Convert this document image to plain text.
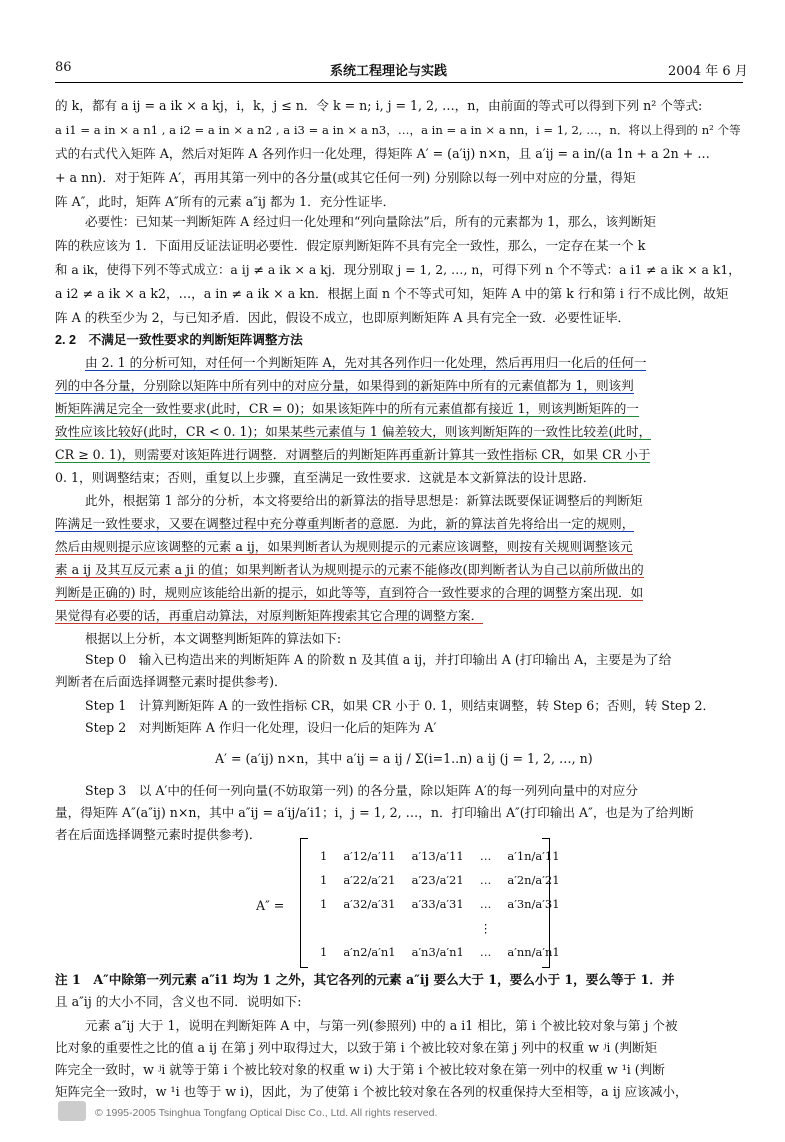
86	系统工程理论与实践	2004 年 6 月
的 k，都有 a ij = a ik × a kj，i，k，j ≤ n．令 k = n; i, j = 1, 2, …，n，由前面的等式可以得到下列 n² 个等式:
a i1 = a in × a n1 , a i2 = a in × a n2 , a i3 = a in × a n3，…，a in = a in × a nn，i = 1, 2, …，n．将以上得到的 n² 个等
式的右式代入矩阵 A，然后对矩阵 A 各列作归一化处理，得矩阵 A′ = (a′ij) n×n，且 a′ij = a in/(a 1n + a 2n + …
+ a nn)．对于矩阵 A′，再用其第一列中的各分量(或其它任何一列) 分别除以每一列中对应的分量，得矩
阵 A″，此时，矩阵 A″所有的元素 a″ij 都为 1．充分性证毕．
必要性：已知某一判断矩阵 A 经过归一化处理和“列向量除法”后，所有的元素都为 1，那么，该判断矩
阵的秩应该为 1．下面用反证法证明必要性．假定原判断矩阵不具有完全一致性，那么，一定存在某一个 k
和 a ik，使得下列不等式成立：a ij ≠ a ik × a kj．现分别取 j = 1, 2, …, n，可得下列 n 个不等式：a i1 ≠ a ik × a k1，
a i2 ≠ a ik × a k2，…，a in ≠ a ik × a kn．根据上面 n 个不等式可知，矩阵 A 中的第 k 行和第 i 行不成比例，故矩
阵 A 的秩至少为 2，与已知矛盾．因此，假设不成立，也即原判断矩阵 A 具有完全一致．必要性证毕．
2. 2　不满足一致性要求的判断矩阵调整方法
由 2. 1 的分析可知，对任何一个判断矩阵 A，先对其各列作归一化处理，然后再用归一化后的任何一
列的中各分量，分别除以矩阵中所有列中的对应分量，如果得到的新矩阵中所有的元素值都为 1，则该判
断矩阵满足完全一致性要求(此时，CR = 0)；如果该矩阵中的所有元素值都有接近 1，则该判断矩阵的一
致性应该比较好(此时，CR < 0. 1)；如果某些元素值与 1 偏差较大，则该判断矩阵的一致性比较差(此时，
CR ≥ 0. 1)，则需要对该矩阵进行调整．对调整后的判断矩阵再重新计算其一致性指标 CR，如果 CR 小于
0. 1，则调整结束；否则，重复以上步骤，直至满足一致性要求．这就是本文新算法的设计思路．
此外，根据第 1 部分的分析，本文将要给出的新算法的指导思想是：新算法既要保证调整后的判断矩
阵满足一致性要求，又要在调整过程中充分尊重判断者的意愿．为此，新的算法首先将给出一定的规则，
然后由规则提示应该调整的元素 a ij，如果判断者认为规则提示的元素应该调整，则按有关规则调整该元
素 a ij 及其互反元素 a ji 的值；如果判断者认为规则提示的元素不能修改(即判断者认为自己以前所做出的
判断是正确的) 时，规则应该能给出新的提示，如此等等，直到符合一致性要求的合理的调整方案出现．如
果觉得有必要的话，再重启动算法，对原判断矩阵搜索其它合理的调整方案．
根据以上分析，本文调整判断矩阵的算法如下:
Step 0　输入已构造出来的判断矩阵 A 的阶数 n 及其值 a ij，并打印输出 A (打印输出 A，主要是为了给
判断者在后面选择调整元素时提供参考)．
Step 1　计算判断矩阵 A 的一致性指标 CR，如果 CR 小于 0. 1，则结束调整，转 Step 6；否则，转 Step 2．
Step 2　对判断矩阵 A 作归一化处理，设归一化后的矩阵为 A′
A′ = (a′ij) n×n，其中 a′ij = a ij / Σ(i=1..n) a ij (j = 1, 2, …, n)
Step 3　以 A′中的任何一列向量(不妨取第一列) 的各分量，除以矩阵 A′的每一列列向量中的对应分
量，得矩阵 A″(a″ij) n×n，其中 a″ij = a′ij/a′i1；i，j = 1, 2, …，n．打印输出 A″(打印输出 A″，也是为了给判断
者在后面选择调整元素时提供参考)．
A″ =
1	a′12/a′11	a′13/a′11	…	a′1n/a′11
1	a′22/a′21	a′23/a′21	…	a′2n/a′21
1	a′32/a′31	a′33/a′31	…	a′3n/a′31
			⋮	
1	a′n2/a′n1	a′n3/a′n1	…	a′nn/a′n1
注 1　A″中除第一列元素 a″i1 均为 1 之外，其它各列的元素 a″ij 要么大于 1，要么小于 1，要么等于 1．并
且 a″ij 的大小不同，含义也不同．说明如下:
元素 a″ij 大于 1，说明在判断矩阵 A 中，与第一列(参照列) 中的 a i1 相比，第 i 个被比较对象与第 j 个被
比对象的重要性之比的值 a ij 在第 j 列中取得过大，以致于第 i 个被比较对象在第 j 列中的权重 w ʲi (判断矩
阵完全一致时，w ʲi 就等于第 i 个被比较对象的权重 w i) 大于第 i 个被比较对象在第一列中的权重 w ¹i (判断
矩阵完全一致时，w ¹i 也等于 w i)，因此，为了使第 i 个被比较对象在各列的权重保持大至相等，a ij 应该减小，
© 1995-2005 Tsinghua Tongfang Optical Disc Co., Ltd. All rights reserved.
